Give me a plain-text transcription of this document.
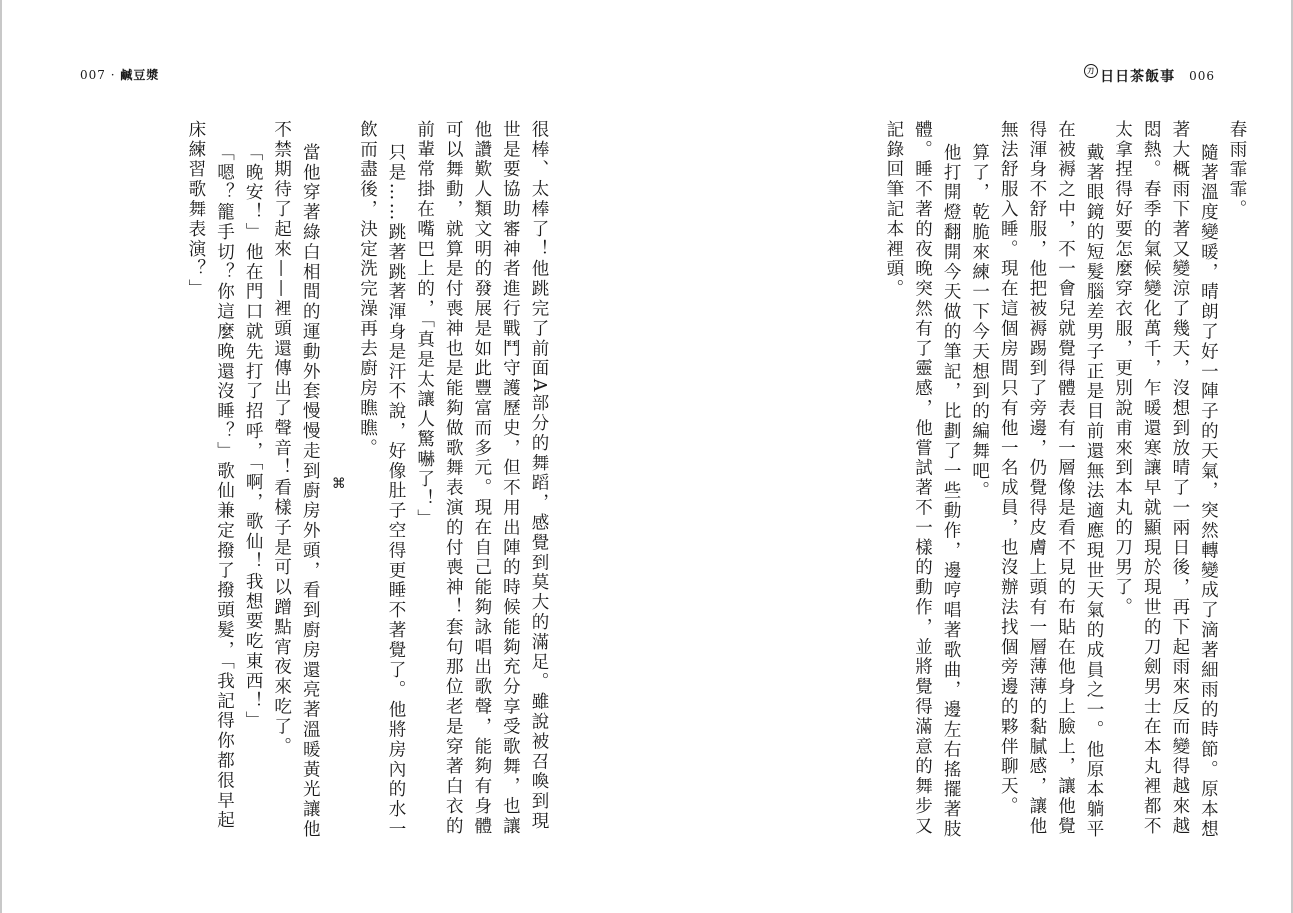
007 · 鹹豆漿

很棒、太棒了！他跳完了前面A部分的舞蹈，感覺到莫大的滿足。雖說被召喚到現世是要協助審神者進行戰鬥守護歷史，但不用出陣的時候能夠充分享受歌舞，也讓他讚歎人類文明的發展是如此豐富而多元。現在自己能夠詠唱出歌聲，能夠有身體可以舞動，就算是付喪神也是能夠做歌舞表演的付喪神！套句那位老是穿著白衣的前輩常掛在嘴巴上的，「真是太讓人驚嚇了！」

只是……跳著跳著渾身是汗不說，好像肚子空得更睡不著覺了。他將房內的水一飲而盡後，決定洗完澡再去廚房瞧瞧。

⌘

當他穿著綠白相間的運動外套慢慢走到廚房外頭，看到廚房還亮著溫暖黃光讓他不禁期待了起來——裡頭還傳出了聲音！看樣子是可以蹭點宵夜來吃了。

「晚安！」他在門口就先打了招呼，「啊，歌仙！我想要吃東西！」

「嗯？籠手切？你這麼晚還沒睡？」歌仙兼定撥了撥頭髮，「我記得你都很早起床練習歌舞表演？」

刀 日日茶飯事 006

春雨霏霏。

隨著溫度變暖，晴朗了好一陣子的天氣，突然轉變成了滴著細雨的時節。原本想著大概雨下著又變涼了幾天，沒想到放晴了一兩日後，再下起雨來反而變得越來越悶熱。春季的氣候變化萬千，乍暖還寒讓早就顯現於現世的刀劍男士在本丸裡都不太拿捏得好要怎麼穿衣服，更別說甫來到本丸的刀男了。

戴著眼鏡的短髮腦差男子正是目前還無法適應現世天氣的成員之一。他原本躺平在被褥之中，不一會兒就覺得體表有一層像是看不見的布貼在他身上臉上，讓他覺得渾身不舒服，他把被褥踢到了旁邊，仍覺得皮膚上頭有一層薄薄的黏膩感，讓他無法舒服入睡。現在這個房間只有他一名成員，也沒辦法找個旁邊的夥伴聊天。

算了，乾脆來練一下今天想到的編舞吧。

他打開燈翻開今天做的筆記，比劃了一些動作，邊哼唱著歌曲，邊左右搖擺著肢體。睡不著的夜晚突然有了靈感，他嘗試著不一樣的動作，並將覺得滿意的舞步又記錄回筆記本裡頭。
